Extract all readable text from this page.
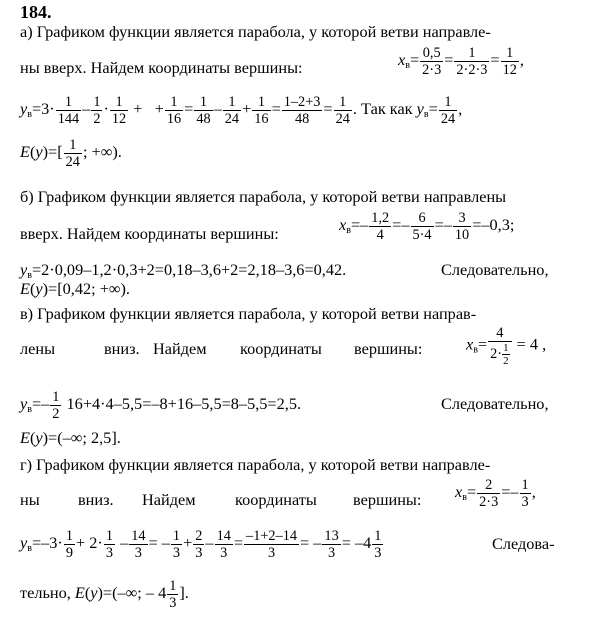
184.
а) Графиком функции является парабола, у которой ветви направле-
ны вверх. Найдем координаты вершины:	$x_в= \frac{0,5}{2\cdot 3} = \frac{1}{2\cdot 2\cdot 3} = \frac{1}{12}$ ,
$y_в=3\cdot \frac{1}{144} - \frac{1}{2} \cdot \frac{1}{12}$ + + $\frac{1}{16} = \frac{1}{48} - \frac{1}{24} + \frac{1}{16} = \frac{1-2+3}{48} = \frac{1}{24}$ . Так как $y_в= \frac{1}{24}$ ,
$E(y)=[ \frac{1}{24}$ ; +∞).
б) Графиком функции является парабола, у которой ветви направлены
вверх. Найдем координаты вершины:	$x_в=- \frac{1,2}{4} =- \frac{6}{5\cdot 4} =- \frac{3}{10} =-0,3$;
$y_в=2\cdot 0,09-1,2\cdot 0,3+2=0,18-3,6+2=2,18-3,6=0,42$.	Следовательно,
E(y)=[0,42; +∞).
в) Графиком функции является парабола, у которой ветви направ-
лены	вниз. Найдем координаты вершины:	$x_в= \frac{4}{2\cdot \frac{1}{2}} = 4$ ,
$y_в=- \frac{1}{2} 16+4\cdot 4-5,5=-8+16-5,5=8-5,5=2,5$.	Следовательно,
E(y)=(–∞; 2,5].
г) Графиком функции является парабола, у которой ветви направле-
ны вниз. Найдем координаты вершины: $x_в= \frac{2}{2\cdot 3} =- \frac{1}{3}$ ,
$y_в=-3\cdot \frac{1}{9} + 2\cdot \frac{1}{3} - \frac{14}{3}$ = – $\frac{1}{3} + \frac{2}{3} - \frac{14}{3} = \frac{-1+2-14}{3}$ = – $\frac{13}{3} = -4 \frac{1}{3}$	Следова-
тельно, E(y)=(–∞; – $4 \frac{1}{3}$ ].
